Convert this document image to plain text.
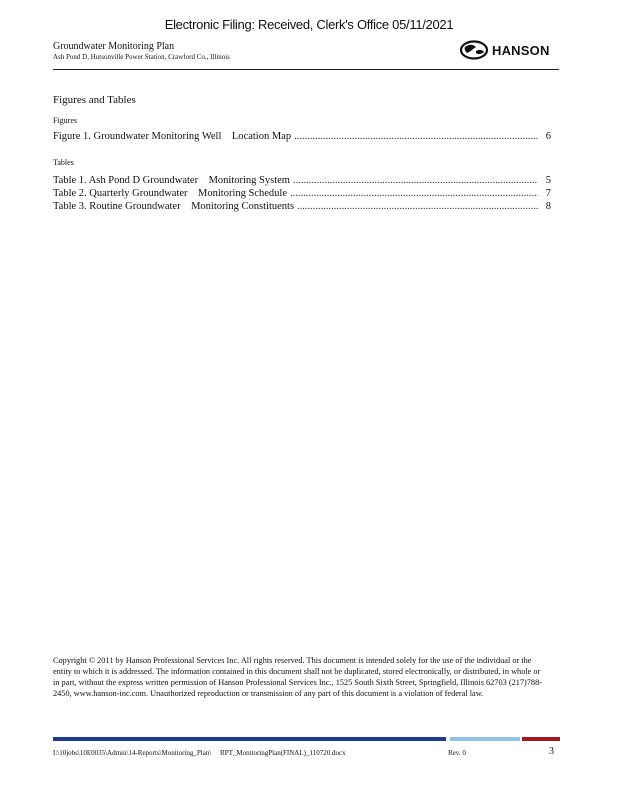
Electronic Filing: Received, Clerk's Office 05/11/2021
Groundwater Monitoring Plan
Ash Pond D, Hutsonville Power Station, Crawford Co., Illinois	HANSON
Figures and Tables
Figures
Figure 1. Groundwater Monitoring Well    Location Map .....	6
Tables
Table 1. Ash Pond D Groundwater    Monitoring System .....	5
Table 2. Quarterly Groundwater    Monitoring Schedule .....	7
Table 3. Routine Groundwater    Monitoring Constituents .....	8
Copyright © 2011 by Hanson Professional Services Inc. All rights reserved. This document is intended solely for the use of the individual or the entity to which it is addressed. The information contained in this document shall not be duplicated, stored electronically, or distributed, in whole or in part, without the express written permission of Hanson Professional Services Inc., 1525 South Sixth Street, Springfield, Illinois 62703 (217)788-2450, www.hanson-inc.com. Unauthorized reproduction or transmission of any part of this document is a violation of federal law.
I:\10jobs\10E0035\Admin\14-Reports\Monitoring_Plan\     RPT_MonitoringPlan(FINAL)_110720.docx	Rev. 0	3
